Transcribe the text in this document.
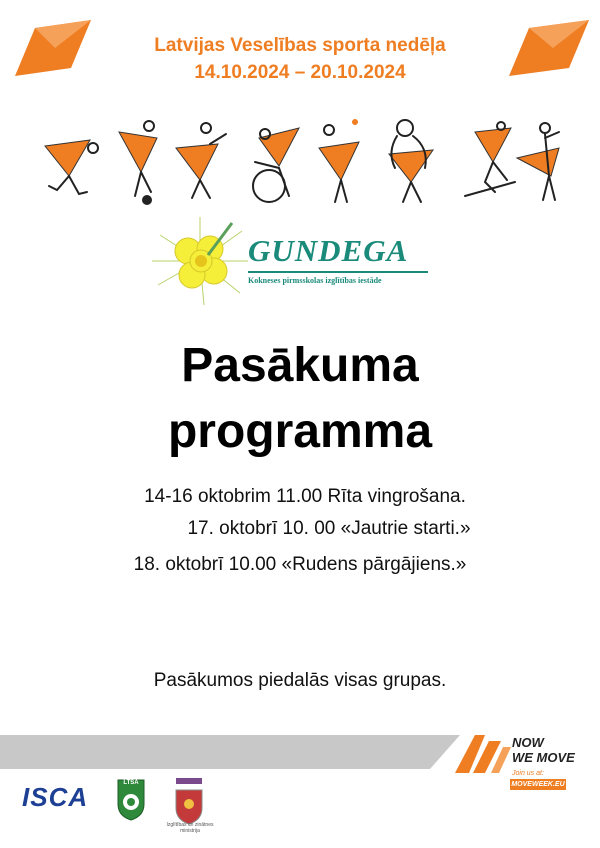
Latvijas Veselības sporta nedēļa
14.10.2024 – 20.10.2024
GUNDEGA
Kokneses pirmsskolas izglītības iestāde
Pasākuma
programma
14-16 oktobrim 11.00 Rīta vingrošana.
17. oktobrī 10. 00 «Jautrie starti.»
18. oktobrī 10.00 «Rudens pārgājiens.»
Pasākumos piedalās visas grupas.
ISCA	LTSA
Izglītības un zinātnes ministrija
NOW
WE MOVE
Join us at:
MOVEWEEK.EU
